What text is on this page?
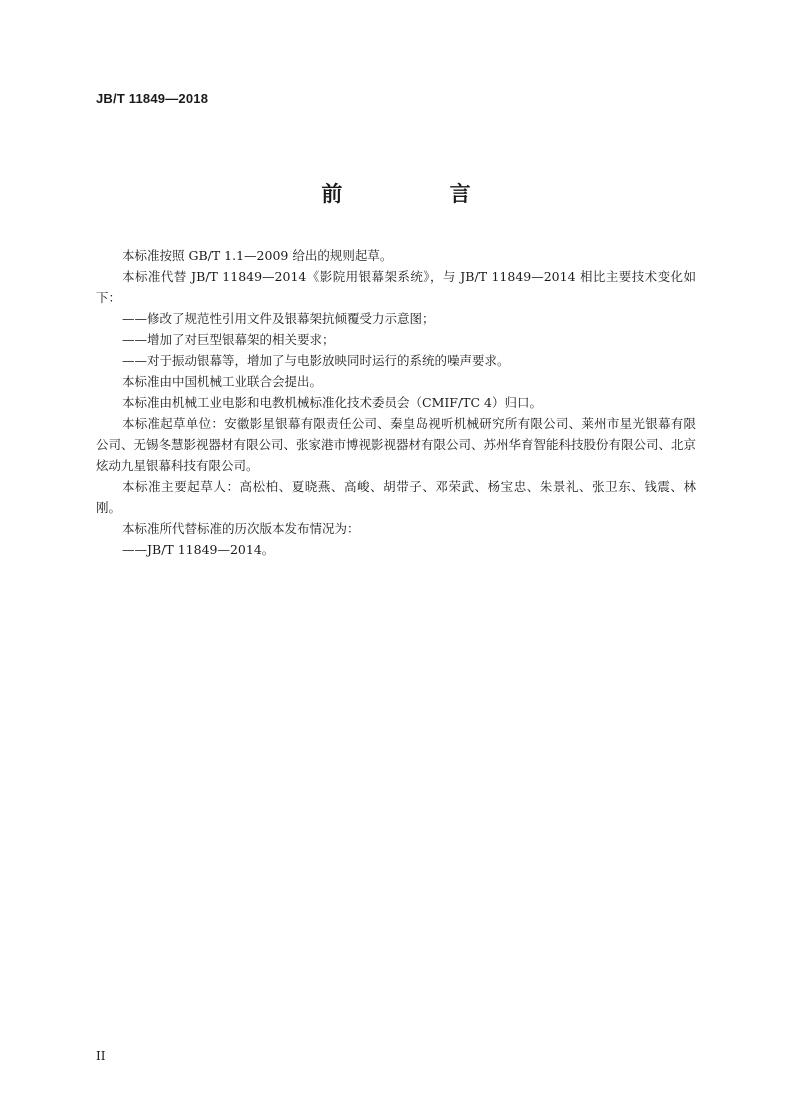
JB/T 11849—2018
前 言

本标准按照 GB/T 1.1—2009 给出的规则起草。

本标准代替 JB/T 11849—2014《影院用银幕架系统》，与 JB/T 11849—2014 相比主要技术变化如下：

——修改了规范性引用文件及银幕架抗倾覆受力示意图；

——增加了对巨型银幕架的相关要求；

——对于振动银幕等，增加了与电影放映同时运行的系统的噪声要求。

本标准由中国机械工业联合会提出。

本标准由机械工业电影和电教机械标准化技术委员会（CMIF/TC 4）归口。

本标准起草单位：安徽影星银幕有限责任公司、秦皇岛视听机械研究所有限公司、莱州市星光银幕有限公司、无锡冬慧影视器材有限公司、张家港市博视影视器材有限公司、苏州华育智能科技股份有限公司、北京炫动九星银幕科技有限公司。

本标准主要起草人：高松柏、夏晓燕、高峻、胡带子、邓荣武、杨宝忠、朱景礼、张卫东、钱震、林刚。

本标准所代替标准的历次版本发布情况为：

——JB/T 11849—2014。

II
